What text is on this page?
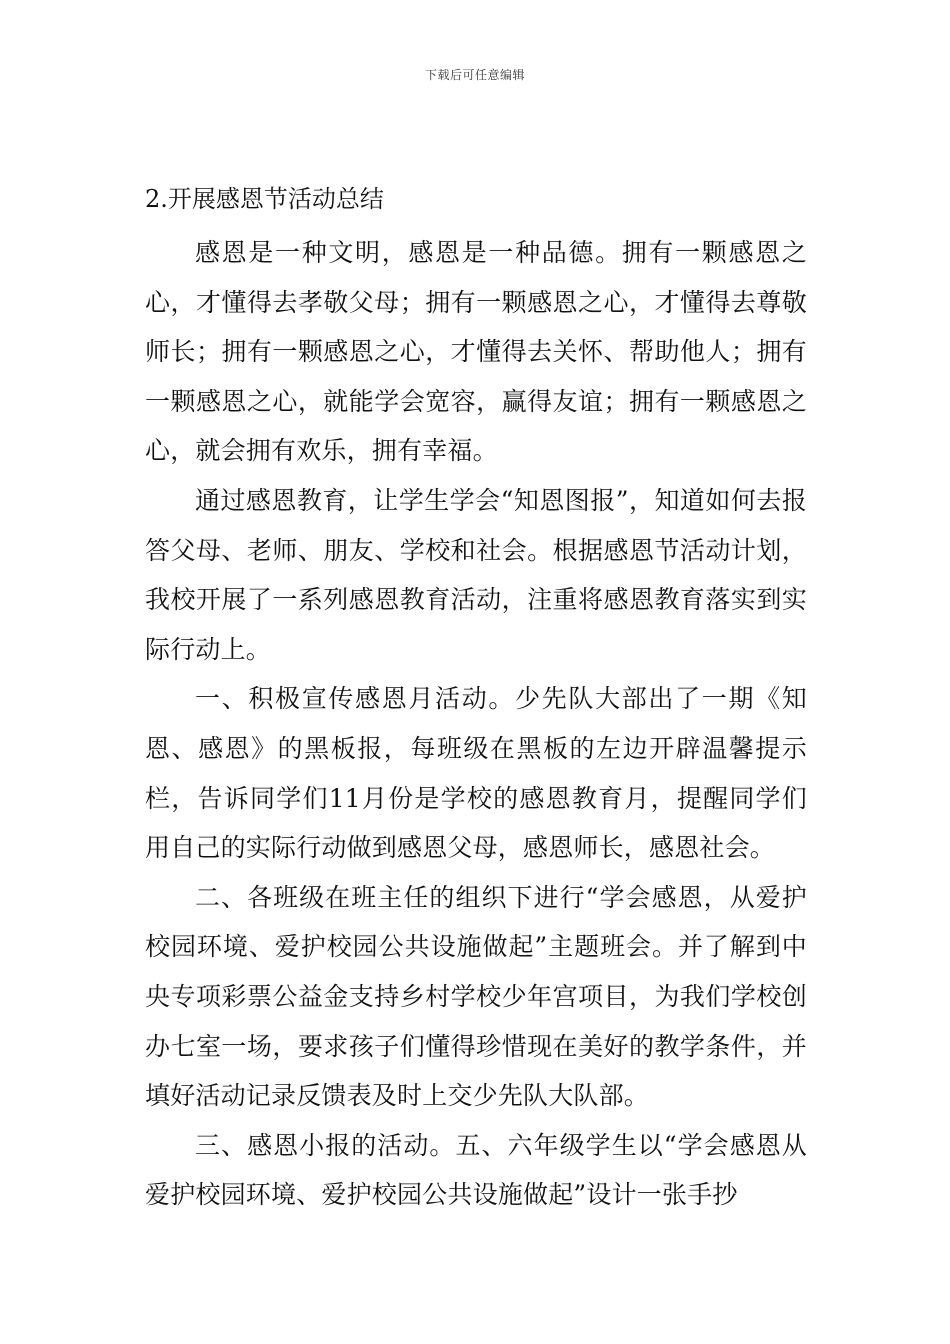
下载后可任意编辑
2.开展感恩节活动总结

感恩是一种文明，感恩是一种品德。拥有一颗感恩之心，才懂得去孝敬父母；拥有一颗感恩之心，才懂得去尊敬师长；拥有一颗感恩之心，才懂得去关怀、帮助他人；拥有一颗感恩之心，就能学会宽容，赢得友谊；拥有一颗感恩之心，就会拥有欢乐，拥有幸福。

通过感恩教育，让学生学会“知恩图报”，知道如何去报答父母、老师、朋友、学校和社会。根据感恩节活动计划，我校开展了一系列感恩教育活动，注重将感恩教育落实到实际行动上。

一、积极宣传感恩月活动。少先队大部出了一期《知恩、感恩》的黑板报，每班级在黑板的左边开辟温馨提示栏，告诉同学们11月份是学校的感恩教育月，提醒同学们用自己的实际行动做到感恩父母，感恩师长，感恩社会。

二、各班级在班主任的组织下进行“学会感恩，从爱护校园环境、爱护校园公共设施做起”主题班会。并了解到中央专项彩票公益金支持乡村学校少年宫项目，为我们学校创办七室一场，要求孩子们懂得珍惜现在美好的教学条件，并填好活动记录反馈表及时上交少先队大队部。

三、感恩小报的活动。五、六年级学生以“学会感恩从爱护校园环境、爱护校园公共设施做起”设计一张手抄
